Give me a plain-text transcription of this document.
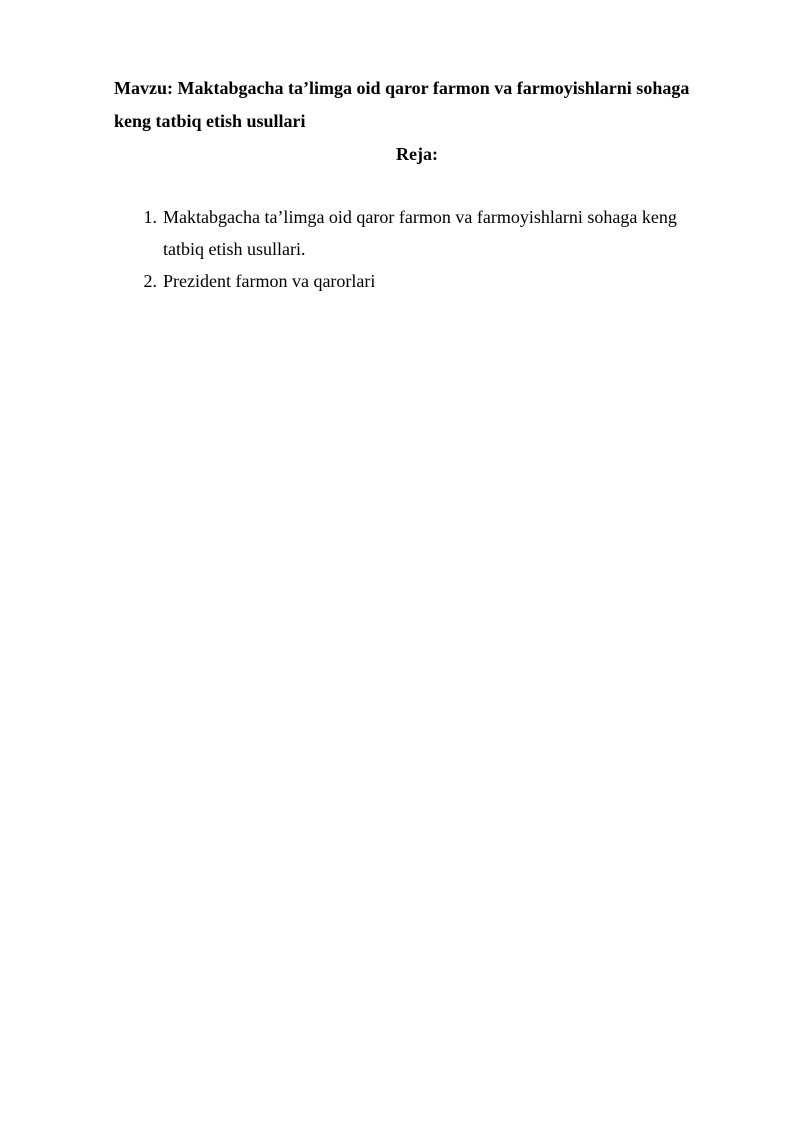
Mavzu: Maktabgacha ta’limga oid qaror farmon va farmoyishlarni sohaga keng tatbiq etish usullari

Reja:

1. Maktabgacha ta’limga oid qaror farmon va farmoyishlarni sohaga keng tatbiq etish usullari.
2. Prezident farmon va qarorlari
